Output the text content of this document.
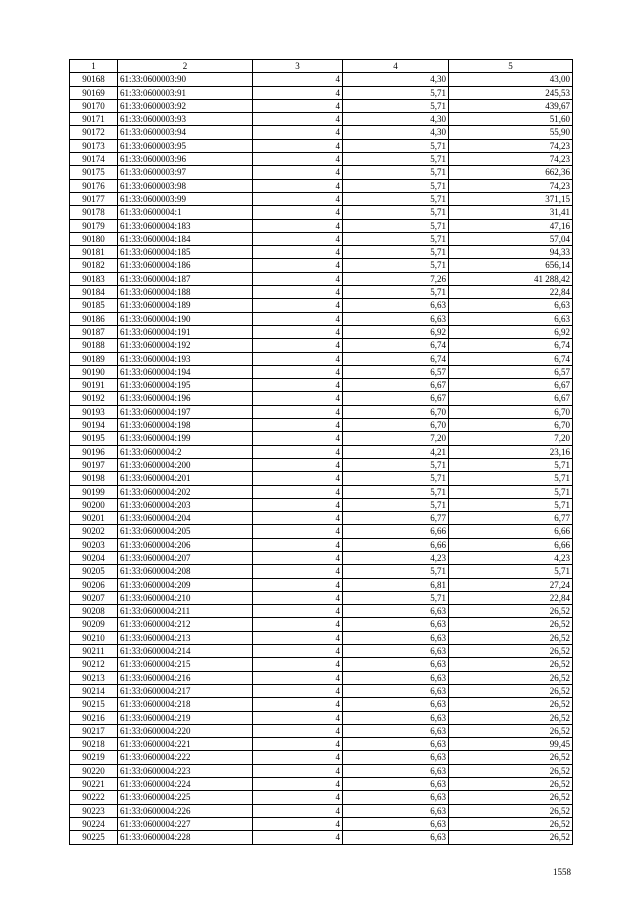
1	2	3	4	5
90168	61:33:0600003:90	4	4,30	43,00
90169	61:33:0600003:91	4	5,71	245,53
90170	61:33:0600003:92	4	5,71	439,67
90171	61:33:0600003:93	4	4,30	51,60
90172	61:33:0600003:94	4	4,30	55,90
90173	61:33:0600003:95	4	5,71	74,23
90174	61:33:0600003:96	4	5,71	74,23
90175	61:33:0600003:97	4	5,71	662,36
90176	61:33:0600003:98	4	5,71	74,23
90177	61:33:0600003:99	4	5,71	371,15
90178	61:33:0600004:1	4	5,71	31,41
90179	61:33:0600004:183	4	5,71	47,16
90180	61:33:0600004:184	4	5,71	57,04
90181	61:33:0600004:185	4	5,71	94,33
90182	61:33:0600004:186	4	5,71	656,14
90183	61:33:0600004:187	4	7,26	41 288,42
90184	61:33:0600004:188	4	5,71	22,84
90185	61:33:0600004:189	4	6,63	6,63
90186	61:33:0600004:190	4	6,63	6,63
90187	61:33:0600004:191	4	6,92	6,92
90188	61:33:0600004:192	4	6,74	6,74
90189	61:33:0600004:193	4	6,74	6,74
90190	61:33:0600004:194	4	6,57	6,57
90191	61:33:0600004:195	4	6,67	6,67
90192	61:33:0600004:196	4	6,67	6,67
90193	61:33:0600004:197	4	6,70	6,70
90194	61:33:0600004:198	4	6,70	6,70
90195	61:33:0600004:199	4	7,20	7,20
90196	61:33:0600004:2	4	4,21	23,16
90197	61:33:0600004:200	4	5,71	5,71
90198	61:33:0600004:201	4	5,71	5,71
90199	61:33:0600004:202	4	5,71	5,71
90200	61:33:0600004:203	4	5,71	5,71
90201	61:33:0600004:204	4	6,77	6,77
90202	61:33:0600004:205	4	6,66	6,66
90203	61:33:0600004:206	4	6,66	6,66
90204	61:33:0600004:207	4	4,23	4,23
90205	61:33:0600004:208	4	5,71	5,71
90206	61:33:0600004:209	4	6,81	27,24
90207	61:33:0600004:210	4	5,71	22,84
90208	61:33:0600004:211	4	6,63	26,52
90209	61:33:0600004:212	4	6,63	26,52
90210	61:33:0600004:213	4	6,63	26,52
90211	61:33:0600004:214	4	6,63	26,52
90212	61:33:0600004:215	4	6,63	26,52
90213	61:33:0600004:216	4	6,63	26,52
90214	61:33:0600004:217	4	6,63	26,52
90215	61:33:0600004:218	4	6,63	26,52
90216	61:33:0600004:219	4	6,63	26,52
90217	61:33:0600004:220	4	6,63	26,52
90218	61:33:0600004:221	4	6,63	99,45
90219	61:33:0600004:222	4	6,63	26,52
90220	61:33:0600004:223	4	6,63	26,52
90221	61:33:0600004:224	4	6,63	26,52
90222	61:33:0600004:225	4	6,63	26,52
90223	61:33:0600004:226	4	6,63	26,52
90224	61:33:0600004:227	4	6,63	26,52
90225	61:33:0600004:228	4	6,63	26,52
1558
